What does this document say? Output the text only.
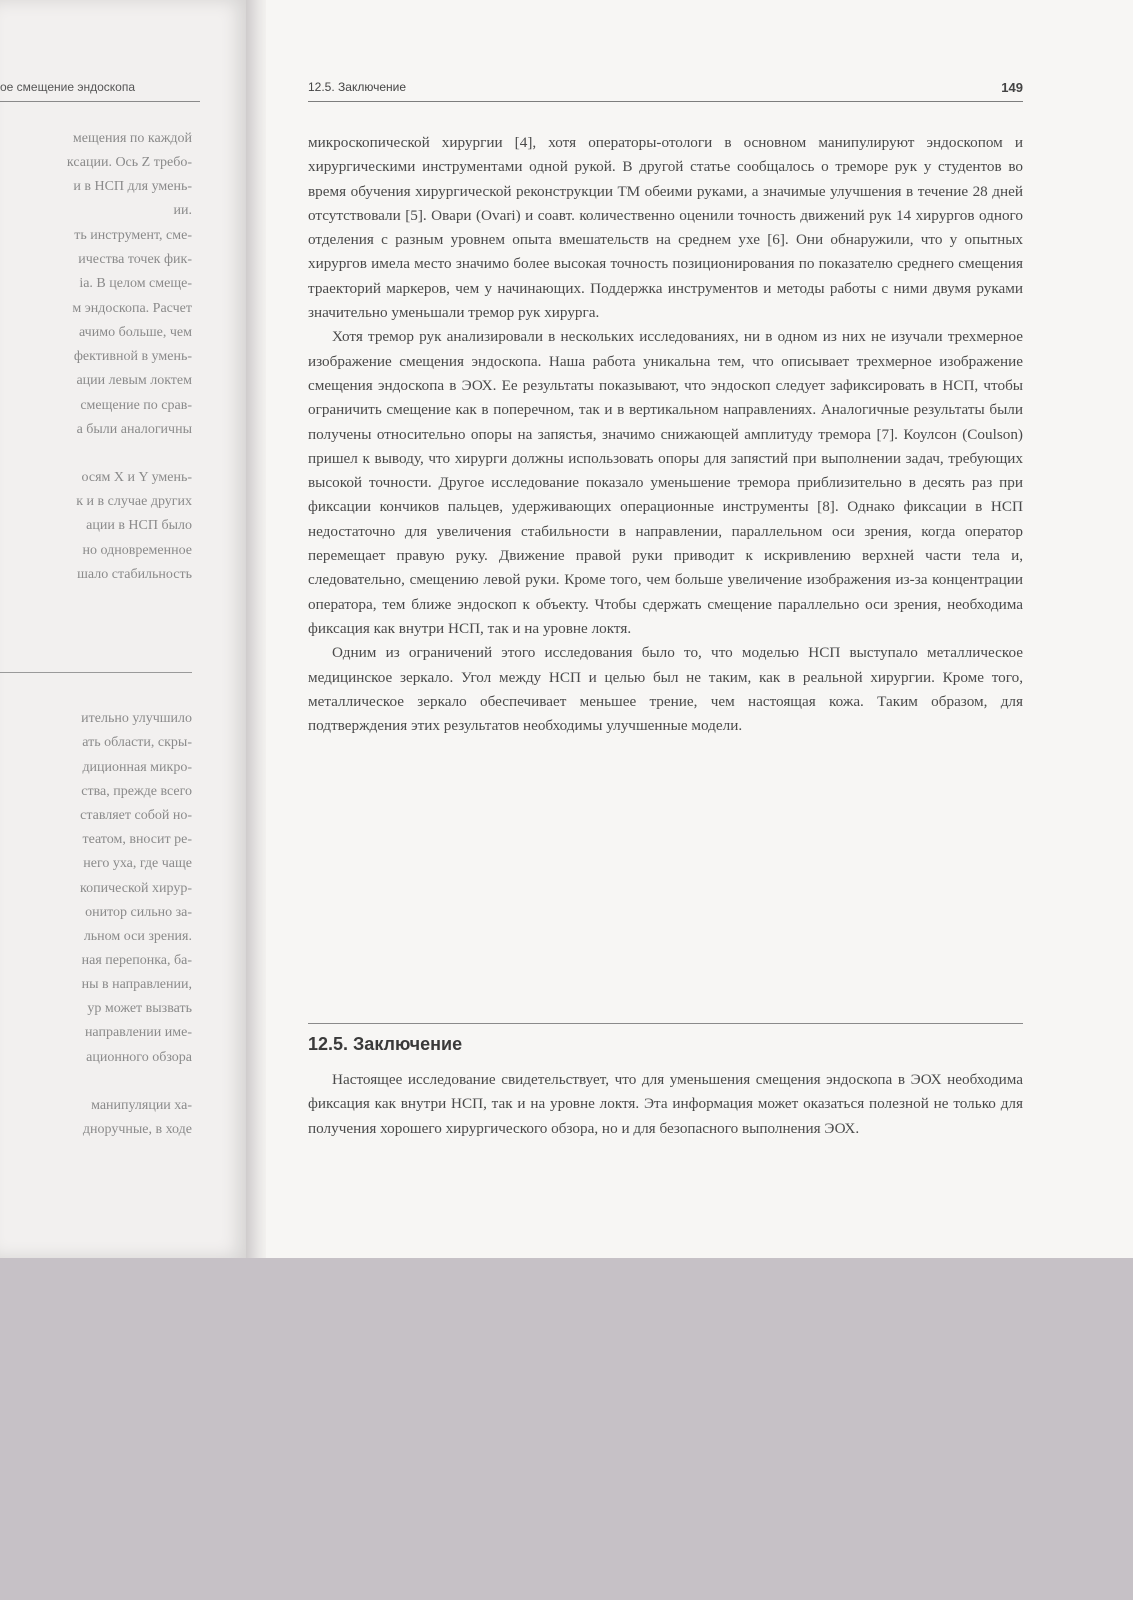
ое смещение эндоскопа
мещения по каждой
ксации. Ось Z требо-
и в НСП для умень-
ии.
ть инструмент, сме-
ичества точек фик-
ia. В целом смеще-
м эндоскопа. Расчет
ачимо больше, чем
фективной в умень-
ации левым локтем
смещение по срав-
а были аналогичны
осям X и Y умень-
к и в случае других
ации в НСП было
но одновременное
шало стабильность
ительно улучшило
ать области, скры-
диционная микро-
ства, прежде всего
ставляет собой но-
театом, вносит ре-
него уха, где чаще
копической хирур-
онитор сильно за-
льном оси зрения.
ная перепонка, ба-
ны в направлении,
ур может вызвать
направлении име-
ационного обзора
манипуляции ха-
дноручные, в ходе
12.5. Заключение	149

микроскопической хирургии [4], хотя операторы-отологи в основном манипулируют эндоскопом и хирургическими инструментами одной рукой. В другой статье сообщалось о треморе рук у студентов во время обучения хирургической реконструкции ТМ обеими руками, а значимые улучшения в течение 28 дней отсутствовали [5]. Овари (Ovari) и соавт. количественно оценили точность движений рук 14 хирургов одного отделения с разным уровнем опыта вмешательств на среднем ухе [6]. Они обнаружили, что у опытных хирургов имела место значимо более высокая точность позиционирования по показателю среднего смещения траекторий маркеров, чем у начинающих. Поддержка инструментов и методы работы с ними двумя руками значительно уменьшали тремор рук хирурга.

Хотя тремор рук анализировали в нескольких исследованиях, ни в одном из них не изучали трехмерное изображение смещения эндоскопа. Наша работа уникальна тем, что описывает трехмерное изображение смещения эндоскопа в ЭОХ. Ее результаты показывают, что эндоскоп следует зафиксировать в НСП, чтобы ограничить смещение как в поперечном, так и в вертикальном направлениях. Аналогичные результаты были получены относительно опоры на запястья, значимо снижающей амплитуду тремора [7]. Коулсон (Coulson) пришел к выводу, что хирурги должны использовать опоры для запястий при выполнении задач, требующих высокой точности. Другое исследование показало уменьшение тремора приблизительно в десять раз при фиксации кончиков пальцев, удерживающих операционные инструменты [8]. Однако фиксации в НСП недостаточно для увеличения стабильности в направлении, параллельном оси зрения, когда оператор перемещает правую руку. Движение правой руки приводит к искривлению верхней части тела и, следовательно, смещению левой руки. Кроме того, чем больше увеличение изображения из-за концентрации оператора, тем ближе эндоскоп к объекту. Чтобы сдержать смещение параллельно оси зрения, необходима фиксация как внутри НСП, так и на уровне локтя.

Одним из ограничений этого исследования было то, что моделью НСП выступало металлическое медицинское зеркало. Угол между НСП и целью был не таким, как в реальной хирургии. Кроме того, металлическое зеркало обеспечивает меньшее трение, чем настоящая кожа. Таким образом, для подтверждения этих результатов необходимы улучшенные модели.

12.5. Заключение
Настоящее исследование свидетельствует, что для уменьшения смещения эндоскопа в ЭОХ необходима фиксация как внутри НСП, так и на уровне локтя. Эта информация может оказаться полезной не только для получения хорошего хирургического обзора, но и для безопасного выполнения ЭОХ.
